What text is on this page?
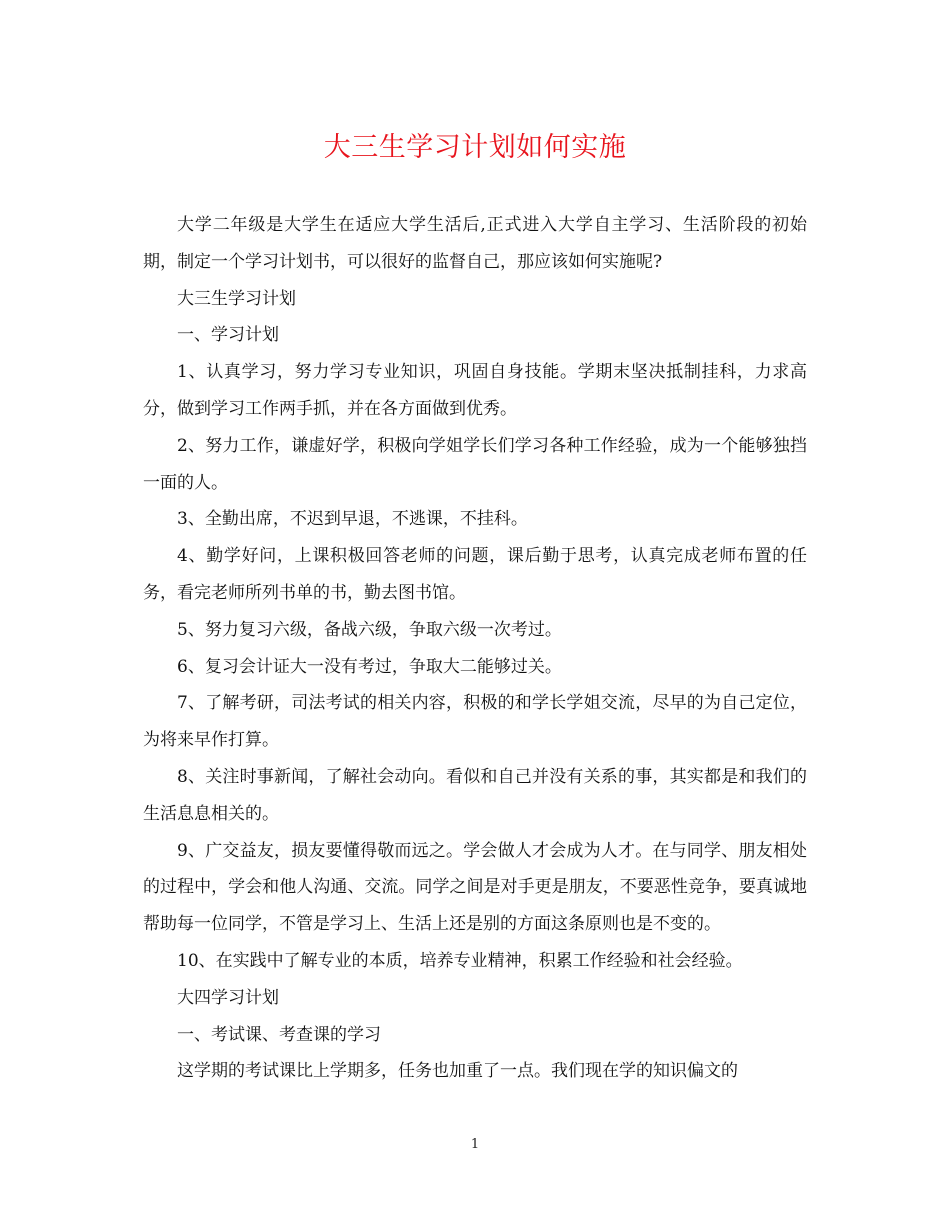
大三生学习计划如何实施

大学二年级是大学生在适应大学生活后,正式进入大学自主学习、生活阶段的初始期，制定一个学习计划书，可以很好的监督自己，那应该如何实施呢?

大三生学习计划

一、学习计划

1、认真学习，努力学习专业知识，巩固自身技能。学期末坚决抵制挂科，力求高分，做到学习工作两手抓，并在各方面做到优秀。

2、努力工作，谦虚好学，积极向学姐学长们学习各种工作经验，成为一个能够独挡一面的人。

3、全勤出席，不迟到早退，不逃课，不挂科。

4、勤学好问，上课积极回答老师的问题，课后勤于思考，认真完成老师布置的任务，看完老师所列书单的书，勤去图书馆。

5、努力复习六级，备战六级，争取六级一次考过。

6、复习会计证大一没有考过，争取大二能够过关。

7、了解考研，司法考试的相关内容，积极的和学长学姐交流，尽早的为自己定位，为将来早作打算。

8、关注时事新闻，了解社会动向。看似和自己并没有关系的事，其实都是和我们的生活息息相关的。

9、广交益友，损友要懂得敬而远之。学会做人才会成为人才。在与同学、朋友相处的过程中，学会和他人沟通、交流。同学之间是对手更是朋友，不要恶性竞争，要真诚地帮助每一位同学，不管是学习上、生活上还是别的方面这条原则也是不变的。

10、在实践中了解专业的本质，培养专业精神，积累工作经验和社会经验。

大四学习计划

一、考试课、考查课的学习

这学期的考试课比上学期多，任务也加重了一点。我们现在学的知识偏文的

1
